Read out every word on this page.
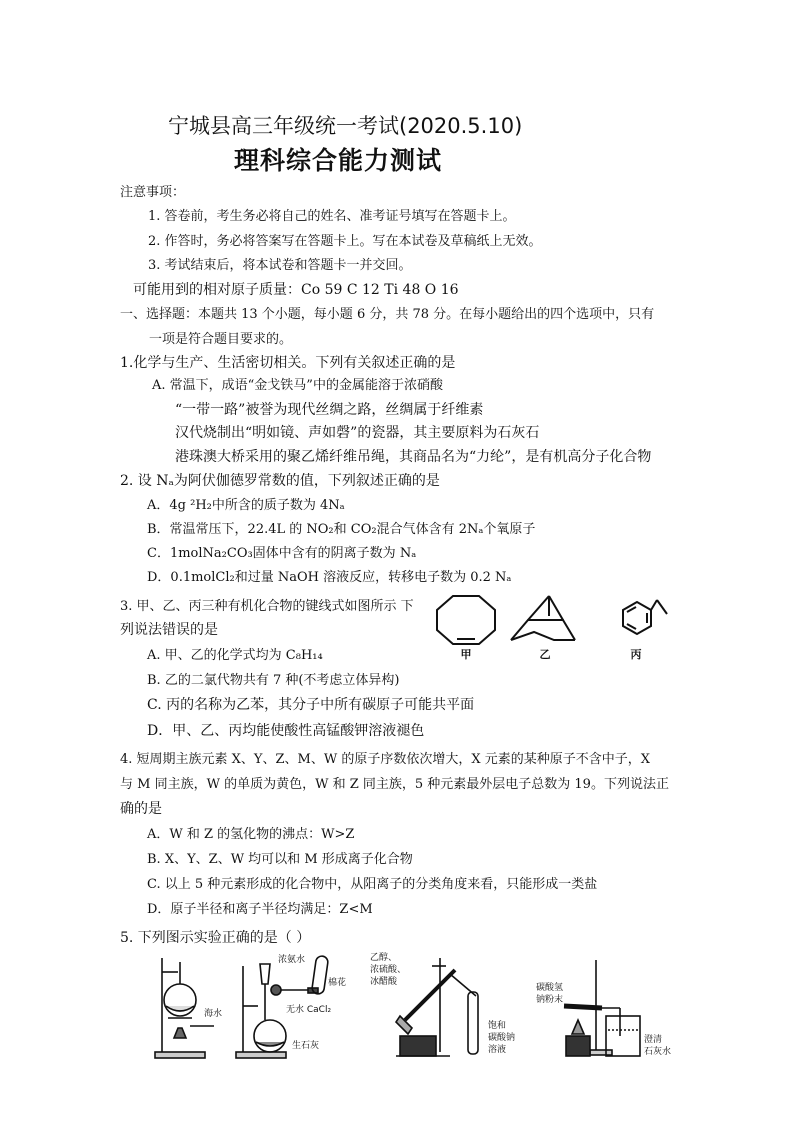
宁城县高三年级统一考试(2020.5.10)
理科综合能力测试
注意事项：
1. 答卷前，考生务必将自己的姓名、准考证号填写在答题卡上。
2. 作答时，务必将答案写在答题卡上。写在本试卷及草稿纸上无效。
3. 考试结束后，将本试卷和答题卡一并交回。
可能用到的相对原子质量：Co 59 C 12 Ti 48 O 16
一、选择题：本题共 13 个小题，每小题 6 分，共 78 分。在每小题给出的四个选项中，只有
一项是符合题目要求的。
1.化学与生产、生活密切相关。下列有关叙述正确的是
A. 常温下，成语“金戈铁马”中的金属能溶于浓硝酸
“一带一路”被誉为现代丝绸之路，丝绸属于纤维素
汉代烧制出“明如镜、声如磬”的瓷器，其主要原料为石灰石
港珠澳大桥采用的聚乙烯纤维吊绳，其商品名为“力纶”，是有机高分子化合物
2. 设 Nₐ为阿伏伽德罗常数的值，下列叙述正确的是
A．4g ²H₂中所含的质子数为 4Nₐ
B．常温常压下，22.4L 的 NO₂和 CO₂混合气体含有 2Nₐ个氧原子
C．1molNa₂CO₃固体中含有的阴离子数为 Nₐ
D．0.1molCl₂和过量 NaOH 溶液反应，转移电子数为 0.2 Nₐ
3. 甲、乙、丙三种有机化合物的键线式如图所示 下
列说法错误的是
甲	乙	丙
A. 甲、乙的化学式均为 C₈H₁₄
B. 乙的二氯代物共有 7 种(不考虑立体异构)
C. 丙的名称为乙苯，其分子中所有碳原子可能共平面
D．甲、乙、丙均能使酸性高锰酸钾溶液褪色
4. 短周期主族元素 X、Y、Z、M、W 的原子序数依次增大，X 元素的某种原子不含中子，X
与 M 同主族，W 的单质为黄色，W 和 Z 同主族，5 种元素最外层电子总数为 19。下列说法正
确的是
A．W 和 Z 的氢化物的沸点：W>Z
B. X、Y、Z、W 均可以和 M 形成离子化合物
C. 以上 5 种元素形成的化合物中，从阳离子的分类角度来看，只能形成一类盐
D．原子半径和离子半径均满足：Z<M
5. 下列图示实验正确的是（ ）
海水
浓氨水
棉花
无水 CaCl₂
生石灰
乙醇、
浓硫酸、
冰醋酸
饱和
碳酸钠
溶液
碳酸氢
钠粉末
澄清
石灰水
